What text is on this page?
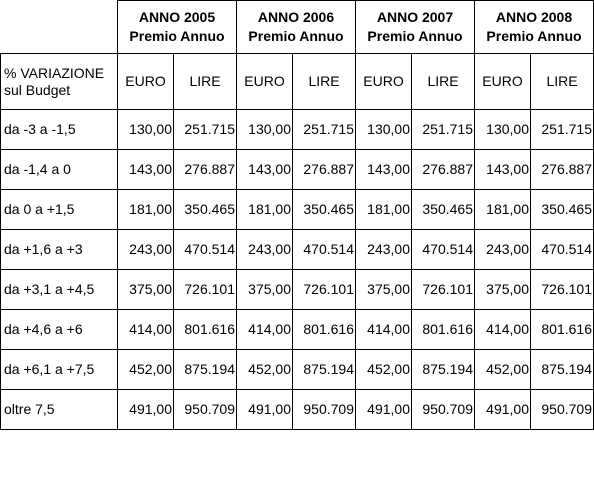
	ANNO 2005
Premio Annuo		ANNO 2006
Premio Annuo		ANNO 2007
Premio Annuo		ANNO 2008
Premio Annuo	
% VARIAZIONE
sul Budget	EURO	LIRE	EURO	LIRE	EURO	LIRE	EURO	LIRE
da -3 a -1,5	130,00	251.715	130,00	251.715	130,00	251.715	130,00	251.715
da -1,4 a 0	143,00	276.887	143,00	276.887	143,00	276.887	143,00	276.887
da 0 a +1,5	181,00	350.465	181,00	350.465	181,00	350.465	181,00	350.465
da +1,6 a +3	243,00	470.514	243,00	470.514	243,00	470.514	243,00	470.514
da +3,1 a +4,5	375,00	726.101	375,00	726.101	375,00	726.101	375,00	726.101
da +4,6 a +6	414,00	801.616	414,00	801.616	414,00	801.616	414,00	801.616
da +6,1 a +7,5	452,00	875.194	452,00	875.194	452,00	875.194	452,00	875.194
oltre 7,5	491,00	950.709	491,00	950.709	491,00	950.709	491,00	950.709
